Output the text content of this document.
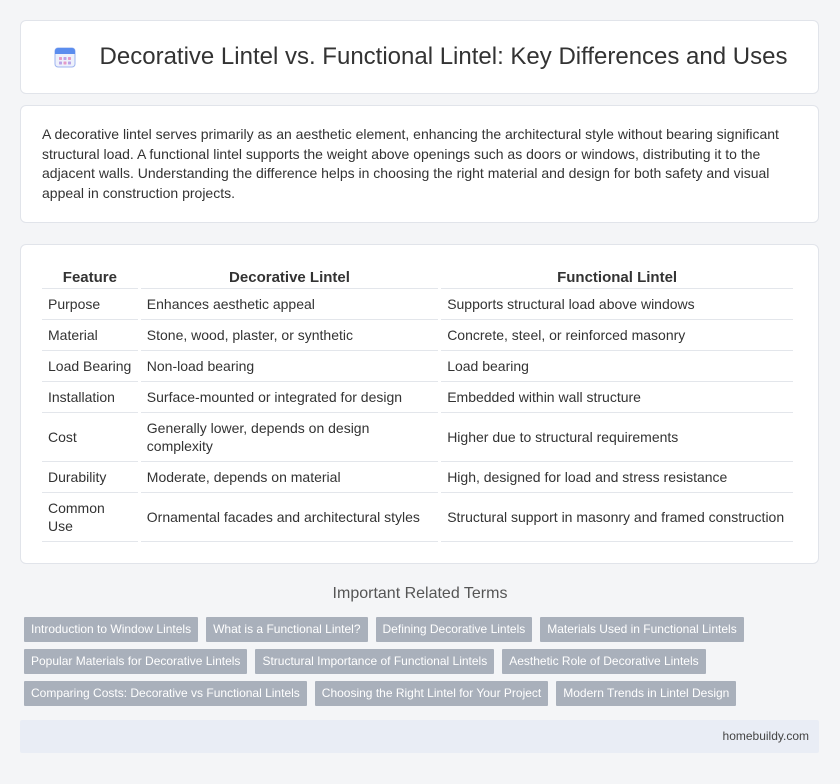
Decorative Lintel vs. Functional Lintel: Key Differences and Uses

A decorative lintel serves primarily as an aesthetic element, enhancing the architectural style without bearing significant structural load. A functional lintel supports the weight above openings such as doors or windows, distributing it to the adjacent walls. Understanding the difference helps in choosing the right material and design for both safety and visual appeal in construction projects.

Feature	Decorative Lintel	Functional Lintel
Purpose	Enhances aesthetic appeal	Supports structural load above windows
Material	Stone, wood, plaster, or synthetic	Concrete, steel, or reinforced masonry
Load Bearing	Non-load bearing	Load bearing
Installation	Surface-mounted or integrated for design	Embedded within wall structure
Cost	Generally lower, depends on design complexity	Higher due to structural requirements
Durability	Moderate, depends on material	High, designed for load and stress resistance
Common Use	Ornamental facades and architectural styles	Structural support in masonry and framed construction
Important Related Terms
Introduction to Window Lintels	What is a Functional Lintel?	Defining Decorative Lintels	Materials Used in Functional Lintels
Popular Materials for Decorative Lintels	Structural Importance of Functional Lintels	Aesthetic Role of Decorative Lintels
Comparing Costs: Decorative vs Functional Lintels	Choosing the Right Lintel for Your Project	Modern Trends in Lintel Design
homebuildy.com
